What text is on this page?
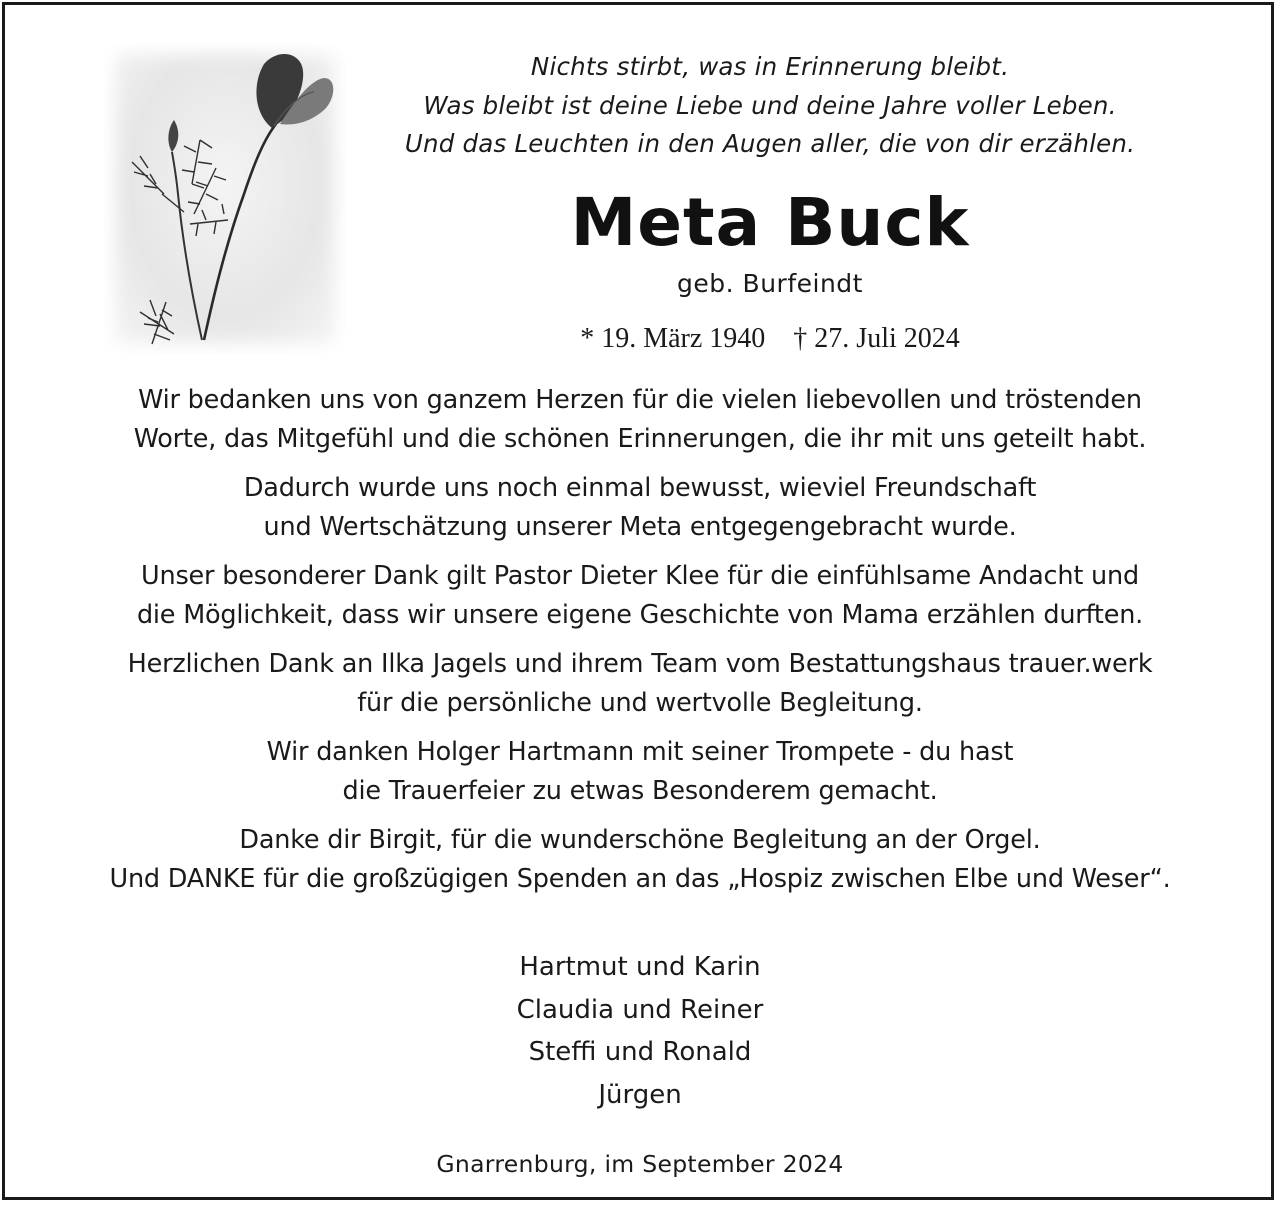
Nichts stirbt, was in Erinnerung bleibt.
Was bleibt ist deine Liebe und deine Jahre voller Leben.
Und das Leuchten in den Augen aller, die von dir erzählen.
Meta Buck
geb. Burfeindt
* 19. März 1940 † 27. Juli 2024
Wir bedanken uns von ganzem Herzen für die vielen liebevollen und tröstenden
Worte, das Mitgefühl und die schönen Erinnerungen, die ihr mit uns geteilt habt.
Dadurch wurde uns noch einmal bewusst, wieviel Freundschaft
und Wertschätzung unserer Meta entgegengebracht wurde.
Unser besonderer Dank gilt Pastor Dieter Klee für die einfühlsame Andacht und
die Möglichkeit, dass wir unsere eigene Geschichte von Mama erzählen durften.
Herzlichen Dank an Ilka Jagels und ihrem Team vom Bestattungshaus trauer.werk
für die persönliche und wertvolle Begleitung.
Wir danken Holger Hartmann mit seiner Trompete - du hast
die Trauerfeier zu etwas Besonderem gemacht.
Danke dir Birgit, für die wunderschöne Begleitung an der Orgel.
Und DANKE für die großzügigen Spenden an das „Hospiz zwischen Elbe und Weser“.
Hartmut und Karin
Claudia und Reiner
Steffi und Ronald
Jürgen
Gnarrenburg, im September 2024
